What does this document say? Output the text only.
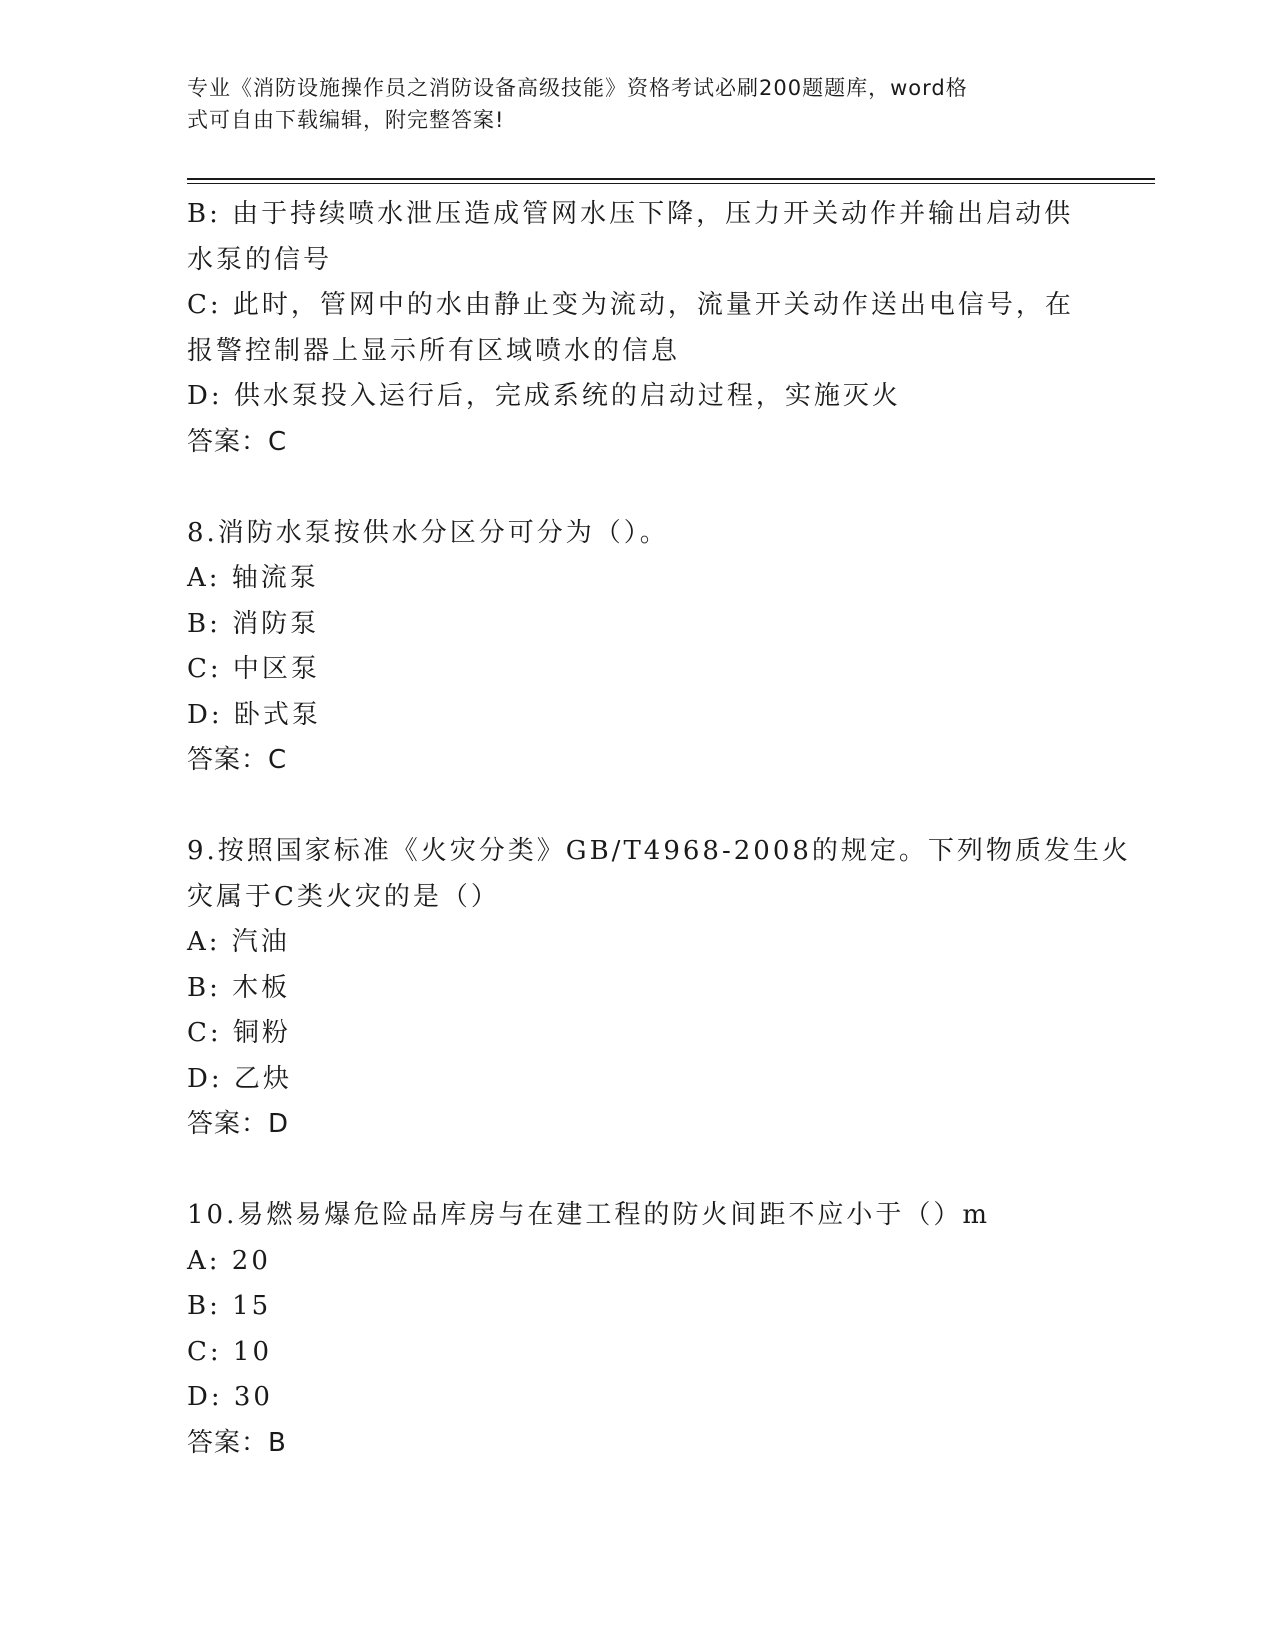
专业《消防设施操作员之消防设备高级技能》资格考试必刷200题题库，word格
式可自由下载编辑，附完整答案!
B: 由于持续喷水泄压造成管网水压下降，压力开关动作并输出启动供
水泵的信号
C: 此时，管网中的水由静止变为流动，流量开关动作送出电信号，在
报警控制器上显示所有区域喷水的信息
D: 供水泵投入运行后，完成系统的启动过程，实施灭火
答案：C
8.消防水泵按供水分区分可分为（）。
A: 轴流泵
B: 消防泵
C: 中区泵
D: 卧式泵
答案：C
9.按照国家标准《火灾分类》GB/T4968-2008的规定。下列物质发生火
灾属于C类火灾的是（）
A: 汽油
B: 木板
C: 铜粉
D: 乙炔
答案：D
10.易燃易爆危险品库房与在建工程的防火间距不应小于（）m
A: 20
B: 15
C: 10
D: 30
答案：B
